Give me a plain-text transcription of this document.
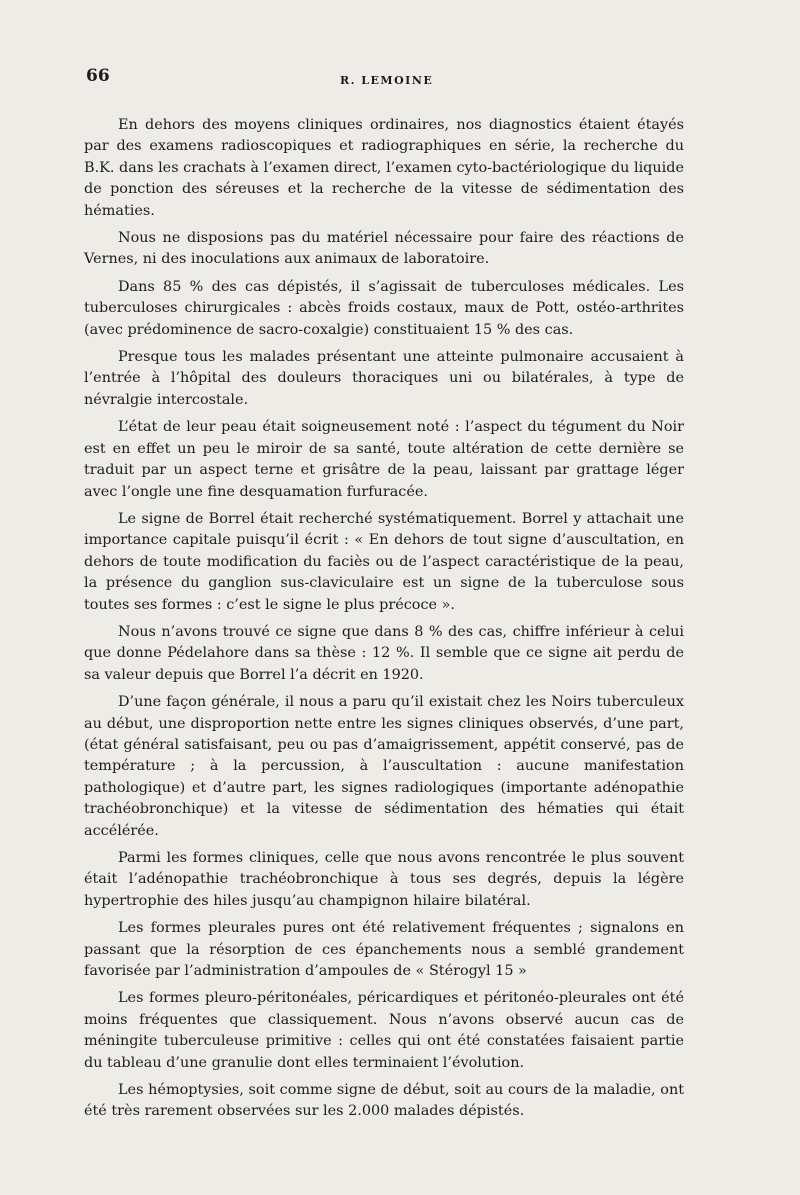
66	R. LEMOINE

En dehors des moyens cliniques ordinaires, nos diagnostics étaient étayés par des examens radioscopiques et radiographiques en série, la recherche du B.K. dans les crachats à l’examen direct, l’examen cyto-bactériologique du liquide de ponction des séreuses et la recherche de la vitesse de sédimentation des hématies.

Nous ne disposions pas du matériel nécessaire pour faire des réactions de Vernes, ni des inoculations aux animaux de laboratoire.

Dans 85 % des cas dépistés, il s’agissait de tuberculoses médicales. Les tuberculoses chirurgicales : abcès froids costaux, maux de Pott, ostéo-arthrites (avec prédominence de sacro-coxalgie) constituaient 15 % des cas.

Presque tous les malades présentant une atteinte pulmonaire accusaient à l’entrée à l’hôpital des douleurs thoraciques uni ou bilatérales, à type de névralgie intercostale.

L’état de leur peau était soigneusement noté : l’aspect du tégument du Noir est en effet un peu le miroir de sa santé, toute altération de cette dernière se traduit par un aspect terne et grisâtre de la peau, laissant par grattage léger avec l’ongle une fine desquamation furfuracée.

Le signe de Borrel était recherché systématiquement. Borrel y attachait une importance capitale puisqu’il écrit : « En dehors de tout signe d’auscultation, en dehors de toute modification du faciès ou de l’aspect caractéristique de la peau, la présence du ganglion sus-claviculaire est un signe de la tuberculose sous toutes ses formes : c’est le signe le plus précoce ».

Nous n’avons trouvé ce signe que dans 8 % des cas, chiffre inférieur à celui que donne Pédelahore dans sa thèse : 12 %. Il semble que ce signe ait perdu de sa valeur depuis que Borrel l’a décrit en 1920.

D’une façon générale, il nous a paru qu’il existait chez les Noirs tuberculeux au début, une disproportion nette entre les signes cliniques observés, d’une part, (état général satisfaisant, peu ou pas d’amaigrissement, appétit conservé, pas de température ; à la percussion, à l’auscultation : aucune manifestation pathologique) et d’autre part, les signes radiologiques (importante adénopathie trachéobronchique) et la vitesse de sédimentation des hématies qui était accélérée.

Parmi les formes cliniques, celle que nous avons rencontrée le plus souvent était l’adénopathie trachéobronchique à tous ses degrés, depuis la légère hypertrophie des hiles jusqu’au champignon hilaire bilatéral.

Les formes pleurales pures ont été relativement fréquentes ; signalons en passant que la résorption de ces épanchements nous a semblé grandement favorisée par l’administration d’ampoules de « Stérogyl 15 »

Les formes pleuro-péritonéales, péricardiques et péritonéo-pleurales ont été moins fréquentes que classiquement. Nous n’avons observé aucun cas de méningite tuberculeuse primitive : celles qui ont été constatées faisaient partie du tableau d’une granulie dont elles terminaient l’évolution.

Les hémoptysies, soit comme signe de début, soit au cours de la maladie, ont été très rarement observées sur les 2.000 malades dépistés.
